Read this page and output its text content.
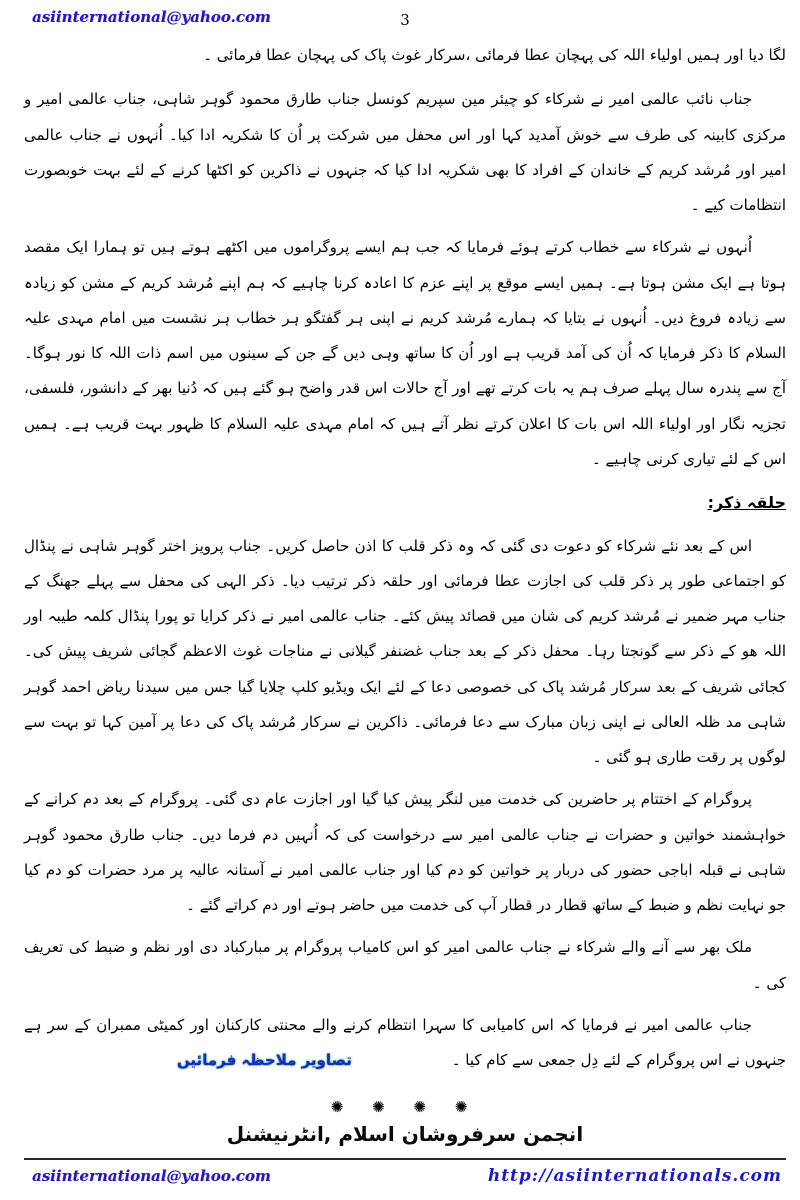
asiinternational@yahoo.com	3

لگا دیا اور ہمیں اولیاء اللہ کی پہچان عطا فرمائی ،سرکار غوث پاک کی پہچان عطا فرمائی ۔

جناب نائب عالمی امیر نے شرکاء کو چیئر مین سپریم کونسل جناب طارق محمود گوہر شاہی، جناب عالمی امیر و مرکزی کابینہ کی طرف سے خوش آمدید کہا اور اس محفل میں شرکت پر اُن کا شکریہ ادا کیا۔ اُنہوں نے جناب عالمی امیر اور مُرشد کریم کے خاندان کے افراد کا بھی شکریہ ادا کیا کہ جنہوں نے ذاکرین کو اکٹھا کرنے کے لئے بہت خوبصورت انتظامات کیے ۔

اُنہوں نے شرکاء سے خطاب کرتے ہوئے فرمایا کہ جب ہم ایسے پروگراموں میں اکٹھے ہوتے ہیں تو ہمارا ایک مقصد ہوتا ہے ایک مشن ہوتا ہے۔ ہمیں ایسے موقع پر اپنے عزم کا اعادہ کرنا چاہیے کہ ہم اپنے مُرشد کریم کے مشن کو زیادہ سے زیادہ فروغ دیں۔ اُنہوں نے بتایا کہ ہمارے مُرشد کریم نے اپنی ہر گفتگو ہر خطاب ہر نشست میں امام مہدی علیہ السلام کا ذکر فرمایا کہ اُن کی آمد قریب ہے اور اُن کا ساتھ وہی دیں گے جن کے سینوں میں اسم ذات اللہ کا نور ہوگا۔ آج سے پندرہ سال پہلے صرف ہم یہ بات کرتے تھے اور آج حالات اس قدر واضح ہو گئے ہیں کہ دُنیا بھر کے دانشور، فلسفی، تجزیہ نگار اور اولیاء اللہ اس بات کا اعلان کرتے نظر آتے ہیں کہ امام مہدی علیہ السلام کا ظہور بہت قریب ہے۔ ہمیں اس کے لئے تیاری کرنی چاہیے ۔

حلقہ ذکر:

اس کے بعد نئے شرکاء کو دعوت دی گئی کہ وہ ذکر قلب کا اذن حاصل کریں۔ جناب پرویز اختر گوہر شاہی نے پنڈال کو اجتماعی طور پر ذکر قلب کی اجازت عطا فرمائی اور حلقہ ذکر ترتیب دیا۔ ذکر الہی کی محفل سے پہلے جھنگ کے جناب مہر ضمیر نے مُرشد کریم کی شان میں قصائد پیش کئے۔ جناب عالمی امیر نے ذکر کرایا تو پورا پنڈال کلمہ طیبہ اور اللہ ھو کے ذکر سے گونجتا رہا۔ محفل ذکر کے بعد جناب غضنفر گیلانی نے مناجات غوث الاعظم گجائی شریف پیش کی۔ کجائی شریف کے بعد سرکار مُرشد پاک کی خصوصی دعا کے لئے ایک ویڈیو کلپ چلایا گیا جس میں سیدنا ریاض احمد گوہر شاہی مد ظلہ العالی نے اپنی زبان مبارک سے دعا فرمائی۔ ذاکرین نے سرکار مُرشد پاک کی دعا پر آمین کہا تو بہت سے لوگوں پر رقت طاری ہو گئی ۔

پروگرام کے اختتام پر حاضرین کی خدمت میں لنگر پیش کیا گیا اور اجازت عام دی گئی۔ پروگرام کے بعد دم کرانے کے خواہشمند خواتین و حضرات نے جناب عالمی امیر سے درخواست کی کہ اُنہیں دم فرما دیں۔ جناب طارق محمود گوہر شاہی نے قبلہ اباجی حضور کی دربار پر خواتین کو دم کیا اور جناب عالمی امیر نے آستانہ عالیہ پر مرد حضرات کو دم کیا جو نہایت نظم و ضبط کے ساتھ قطار در قطار آپ کی خدمت میں حاضر ہوتے اور دم کراتے گئے ۔

ملک بھر سے آنے والے شرکاء نے جناب عالمی امیر کو اس کامیاب پروگرام پر مبارکباد دی اور نظم و ضبط کی تعریف کی ۔

جناب عالمی امیر نے فرمایا کہ اس کامیابی کا سہرا انتظام کرنے والے محنتی کارکنان اور کمیٹی ممبران کے سر ہے جنہوں نے اس پروگرام کے لئے دِل جمعی سے کام کیا ۔ تصاویر ملاحظہ فرمائیں

✺ ✺ ✺ ✺
انجمن سرفروشان اسلام ,انٹرنیشنل
asiinternational@yahoo.com	http://asiinternationals.com
